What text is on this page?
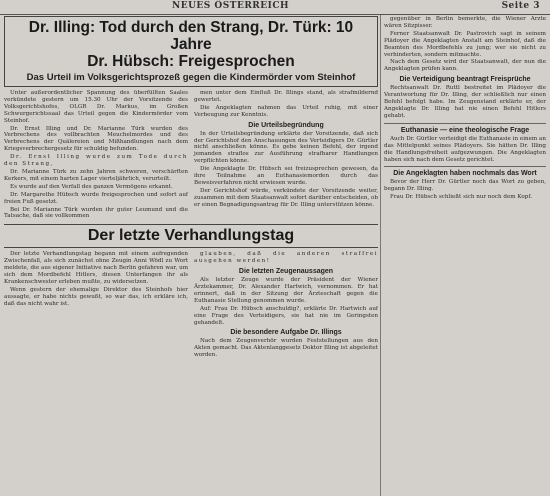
NEUES ÖSTERREICH	Seite 3

Dr. Illing: Tod durch den Strang, Dr. Türk: 10 Jahre

Dr. Hübsch: Freigesprochen

Das Urteil im Volksgerichtsprozeß gegen die Kindermörder vom Steinhof

Unter außerordentlicher Spannung des überfüllten Saales verkündete gestern um 15.30 Uhr der Vorsitzende des Volksgerichtshofes, OLGR Dr. Markus, im Großen Schwurgerichtssaal das Urteil gegen die Kindermörder vom Steinhof.

Dr. Ernst Illing und Dr. Marianne Türk wurden des Verbrechens des vollbrachten Meuchelmordes und des Verbrechens der Quälereien und Mißhandlungen nach dem Kriegsverbrechergesetz für schuldig befunden.

Dr. Ernst Illing wurde zum Tode durch den Strang,

Dr. Marianne Türk zu zehn Jahren schweren, verschärften Kerkers, mit einem harten Lager vierteljährlich, verurteilt.

Es wurde auf den Verfall des ganzen Vermögens erkannt.

Dr. Margarethe Hübsch wurde freigesprochen und sofort auf freien Fuß gesetzt.

Bei Dr. Marianne Türk wurden ihr guter Leumund und die Tatsache, daß sie vollkommen

men unter dem Einfluß Dr. Illings stand, als strafmildernd gewertet.

Die Angeklagten nahmen das Urteil ruhig, mit einer Verbeugung zur Kenntnis.

Die Urteilsbegründung

In der Urteilsbegründung erklärte der Vorsitzende, daß sich der Gerichtshof den Anschauungen des Verteidigers Dr. Gürtler nicht anschließen könne. Es gebe keinen Befehl, der irgend jemanden straflos zur Ausführung strafbarer Handlungen verpflichten könne.

Die Angeklagte Dr. Hübsch sei freizusprechen gewesen, da ihre Teilnahme an Euthanasiemorden durch das Beweisverfahren nicht erwiesen wurde.

Der Gerichtshof würde, verkündete der Vorsitzende weiter, zusammen mit dem Staatsanwalt sofort darüber entscheiden, ob er einen Begnadigungsantrag für Dr. Illing unterstützen könne.

Der letzte Verhandlungstag

Der letzte Verhandlungstag begann mit einem aufregenden Zwischenfall, als sich zunächst ohne Zeugin Anni Wödl zu Wort meldete, die aus eigener Initiative nach Berlin gefahren war, um sich dem Mordbefehl Hitlers, diesen Unterfangen ihr als Krankenschwester erleben mußte, zu widersetzen.

Wenn gestern der ehemalige Direktor des Steinhofs hier aussagte, er habe nichts gewußt, so war das, ich erkläre ich, daß das nicht wahr ist.

glauben, daß die anderen straffrei ausgehen werden!

Die letzten Zeugenaussagen

Als letzter Zeuge wurde der Präsident der Wiener Ärztekammer, Dr. Alexander Hartwich, vernommen. Er hat erinnert, daß in der Sitzung der Ärzteschaft gegen die Euthanasie Stellung genommen wurde.

Auf: Frau Dr. Hübsch anschuldig?, erklärte Dr. Hartwich auf eine Frage des Verteidigers, sie hat nie im Geringsten gehandelt.

Die besondere Aufgabe Dr. Illings

Nach dem Zeugenverhör wurden Feststellungen aus den Akten gemacht. Das Aktenlanggesetz Doktor Illing ist abgeleitet worden.

gegenüber in Berlin bemerkte, die Wiener Ärzte wären Sitzpisser.

Ferner Staatsanwalt Dr. Pastrovich sagt in seinem Plädoyer die Angeklagten Anstalt am Steinhof, daß die Beamten des Mordbefehls zu jung; wer sie nicht zu verhinderten, sondern mitmachte.

Nach dem Gesetz wird der Staatsanwalt, der nun die Angeklagten prüfen kann.

Die Verteidigung beantragt Freisprüche

Rechtsanwalt Dr. Ruttl bestreitet im Plädoyer die Verantwortung für Dr. Illing, der schließlich nur einen Befehl befolgt habe. Im Zeugenstand erklärte er, der Angeklagte Dr. Illing hat nie einen Befehl Hitlers gehabt.

Euthanasie — eine theologische Frage

Auch Dr. Gürtler verteidigt die Euthanasie in einem an das Mittelpunkt seines Plädoyers. Sie hätten Dr. Illing die Handlungsfreiheit aufgezwungen. Die Angeklagten haben sich nach dem Gesetz gerichtet.

Die Angeklagten haben nochmals das Wort

Bevor der Herr Dr. Gürtler noch das Wort zu geben, begann Dr. Illing.

Frau Dr. Hübsch schließt sich nur noch dem Kopf.
